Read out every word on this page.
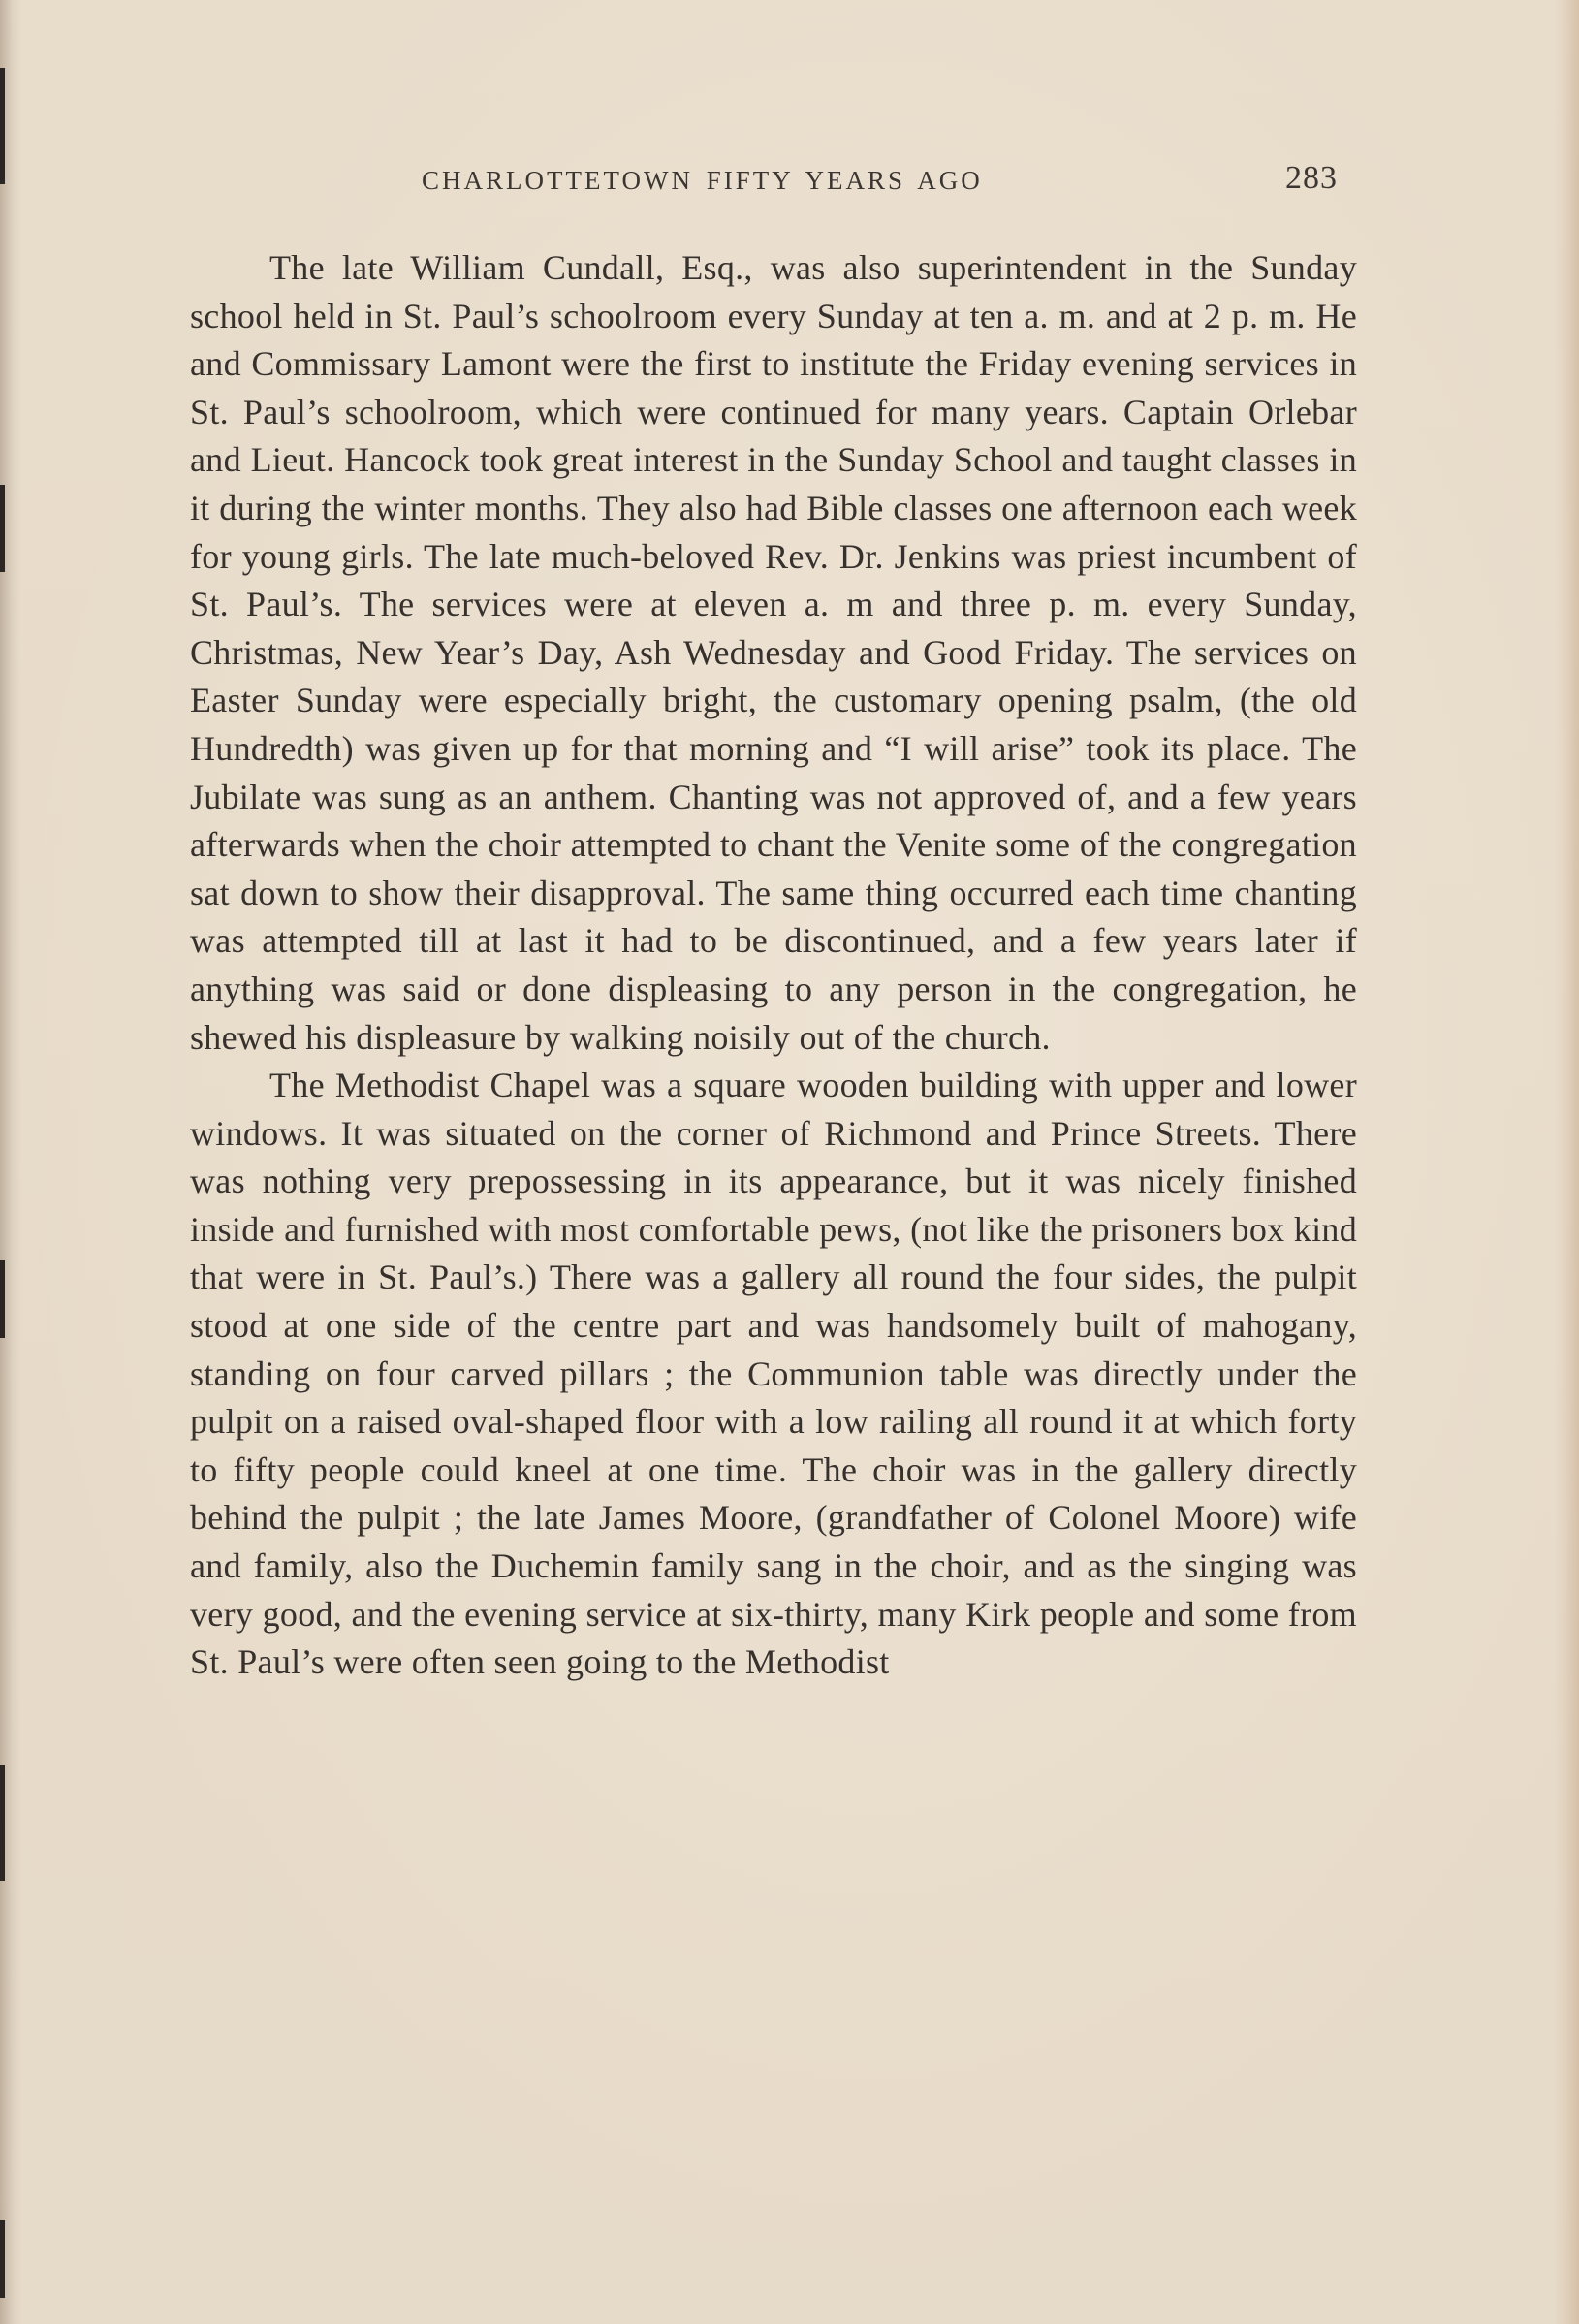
CHARLOTTETOWN FIFTY YEARS AGO	283

The late William Cundall, Esq., was also superintendent in the Sunday school held in St. Paul’s schoolroom every Sunday at ten a. m. and at 2 p. m. He and Commissary Lamont were the first to institute the Friday evening services in St. Paul’s schoolroom, which were continued for many years. Captain Orlebar and Lieut. Hancock took great interest in the Sunday School and taught classes in it during the winter months. They also had Bible classes one afternoon each week for young girls. The late much-beloved Rev. Dr. Jenkins was priest incumbent of St. Paul’s. The services were at eleven a. m and three p. m. every Sunday, Christmas, New Year’s Day, Ash Wednesday and Good Friday. The services on Easter Sunday were especially bright, the customary opening psalm, (the old Hundredth) was given up for that morning and “I will arise” took its place. The Jubilate was sung as an anthem. Chanting was not approved of, and a few years afterwards when the choir attempted to chant the Venite some of the congregation sat down to show their disapproval. The same thing occurred each time chanting was attempted till at last it had to be discontinued, and a few years later if anything was said or done displeasing to any person in the congregation, he shewed his displeasure by walking noisily out of the church.

The Methodist Chapel was a square wooden building with upper and lower windows. It was situated on the corner of Richmond and Prince Streets. There was nothing very prepossessing in its appearance, but it was nicely finished inside and furnished with most comfortable pews, (not like the prisoners box kind that were in St. Paul’s.) There was a gallery all round the four sides, the pulpit stood at one side of the centre part and was handsomely built of mahogany, standing on four carved pillars ; the Communion table was directly under the pulpit on a raised oval-shaped floor with a low railing all round it at which forty to fifty people could kneel at one time. The choir was in the gallery directly behind the pulpit ; the late James Moore, (grandfather of Colonel Moore) wife and family, also the Duchemin family sang in the choir, and as the singing was very good, and the evening service at six-thirty, many Kirk people and some from St. Paul’s were often seen going to the Methodist
